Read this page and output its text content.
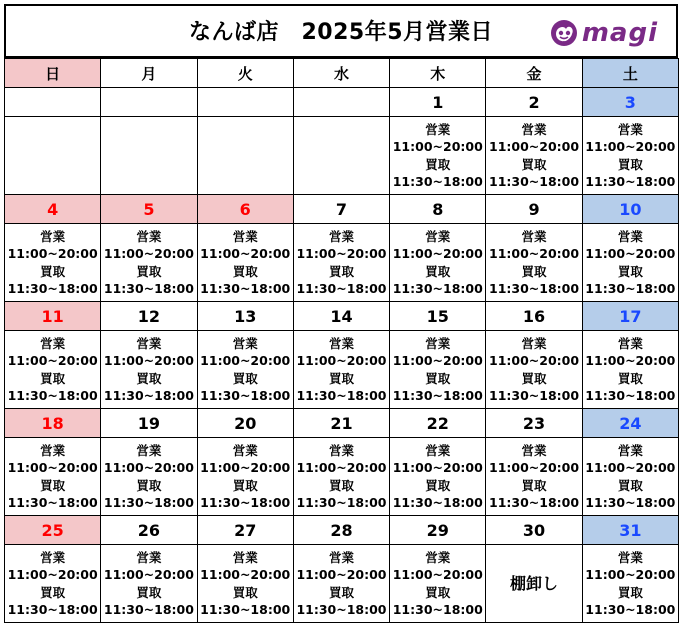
なんば店　2025年5月営業日	magi
日	月	火	水	木	金	土
				1	2	3

				営業
11:00~20:00
買取
11:30~18:00	営業
11:00~20:00
買取
11:30~18:00	営業
11:00~20:00
買取
11:30~18:00

4	5	6	7	8	9	10

営業
11:00~20:00
買取
11:30~18:00	営業
11:00~20:00
買取
11:30~18:00	営業
11:00~20:00
買取
11:30~18:00	営業
11:00~20:00
買取
11:30~18:00	営業
11:00~20:00
買取
11:30~18:00	営業
11:00~20:00
買取
11:30~18:00	営業
11:00~20:00
買取
11:30~18:00

11	12	13	14	15	16	17

営業
11:00~20:00
買取
11:30~18:00	営業
11:00~20:00
買取
11:30~18:00	営業
11:00~20:00
買取
11:30~18:00	営業
11:00~20:00
買取
11:30~18:00	営業
11:00~20:00
買取
11:30~18:00	営業
11:00~20:00
買取
11:30~18:00	営業
11:00~20:00
買取
11:30~18:00

18	19	20	21	22	23	24

営業
11:00~20:00
買取
11:30~18:00	営業
11:00~20:00
買取
11:30~18:00	営業
11:00~20:00
買取
11:30~18:00	営業
11:00~20:00
買取
11:30~18:00	営業
11:00~20:00
買取
11:30~18:00	営業
11:00~20:00
買取
11:30~18:00	営業
11:00~20:00
買取
11:30~18:00

25	26	27	28	29	30	31

営業
11:00~20:00
買取
11:30~18:00	営業
11:00~20:00
買取
11:30~18:00	営業
11:00~20:00
買取
11:30~18:00	営業
11:00~20:00
買取
11:30~18:00	営業
11:00~20:00
買取
11:30~18:00	棚卸し	営業
11:00~20:00
買取
11:30~18:00
